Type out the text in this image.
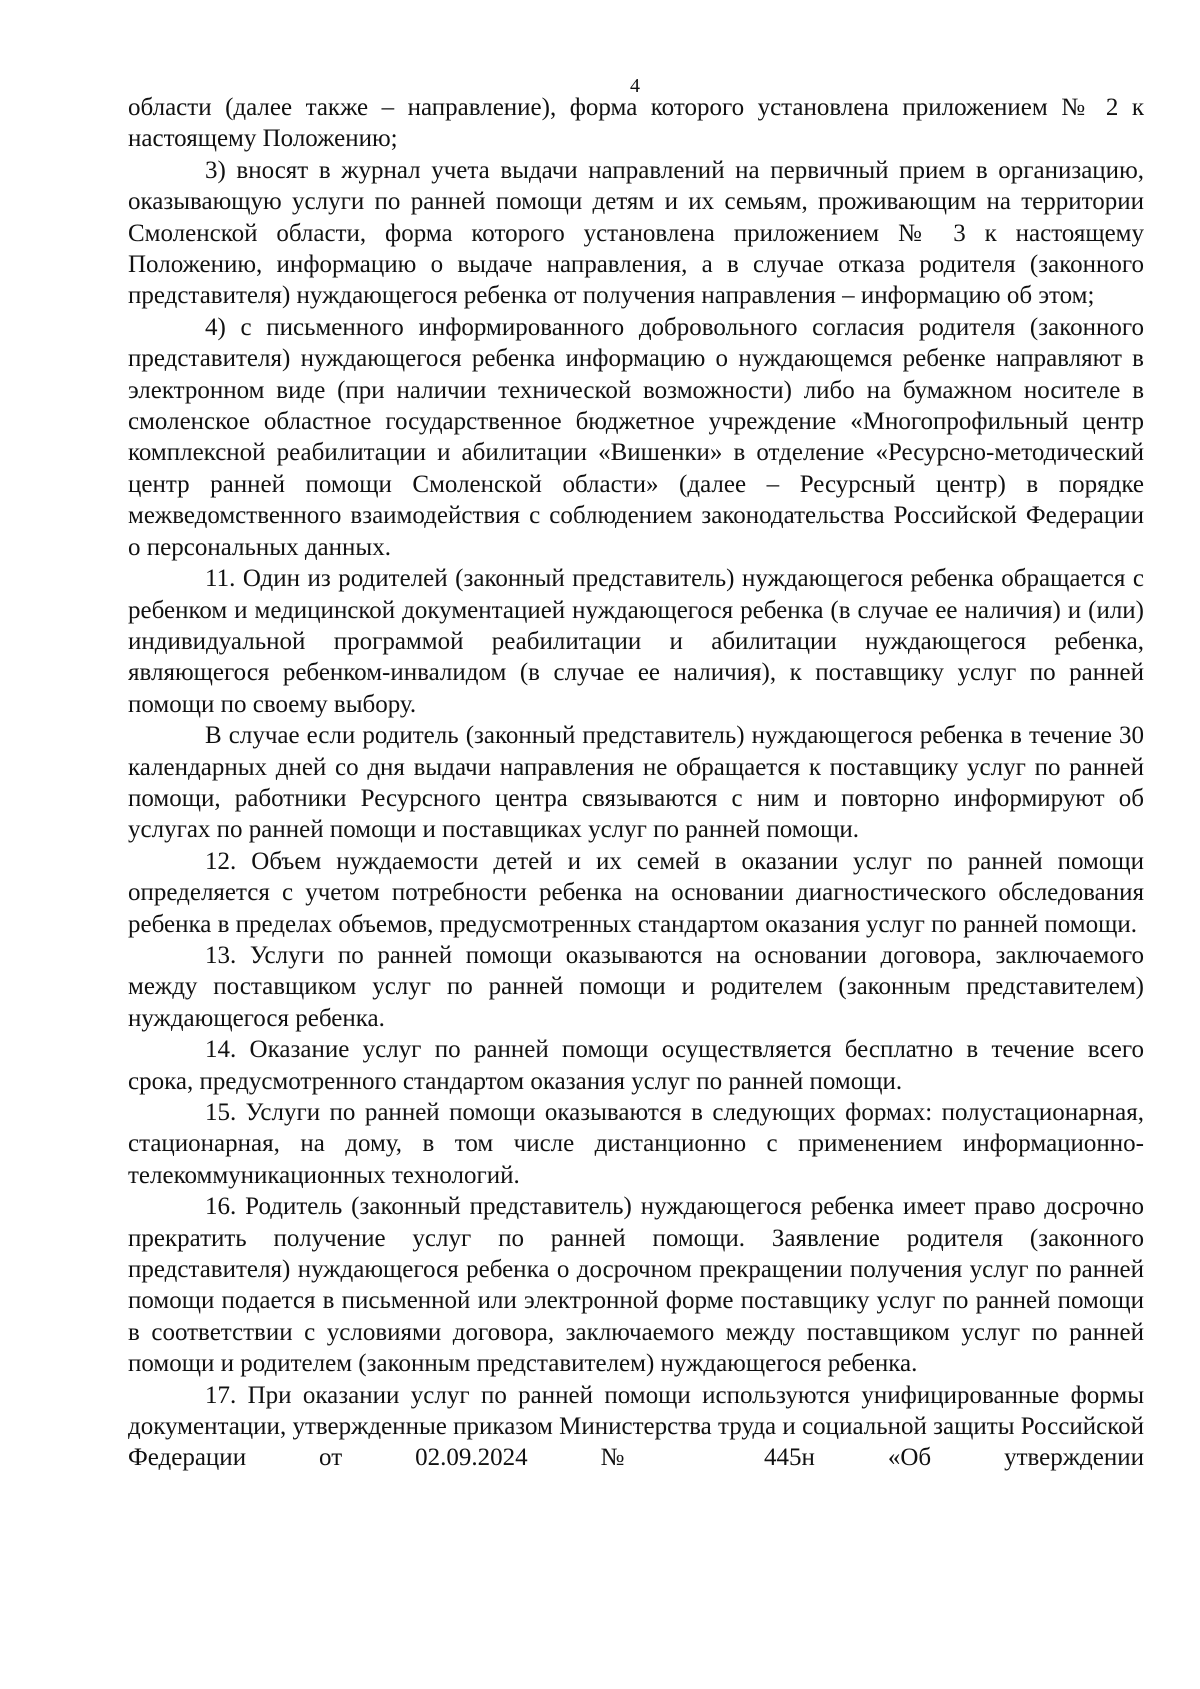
4

области (далее также – направление), форма которого установлена приложением № 2 к настоящему Положению;

3) вносят в журнал учета выдачи направлений на первичный прием в организацию, оказывающую услуги по ранней помощи детям и их семьям, проживающим на территории Смоленской области, форма которого установлена приложением № 3 к настоящему Положению, информацию о выдаче направления, а в случае отказа родителя (законного представителя) нуждающегося ребенка от получения направления – информацию об этом;

4) с письменного информированного добровольного согласия родителя (законного представителя) нуждающегося ребенка информацию о нуждающемся ребенке направляют в электронном виде (при наличии технической возможности) либо на бумажном носителе в смоленское областное государственное бюджетное учреждение «Многопрофильный центр комплексной реабилитации и абилитации «Вишенки» в отделение «Ресурсно-методический центр ранней помощи Смоленской области» (далее – Ресурсный центр) в порядке межведомственного взаимодействия с соблюдением законодательства Российской Федерации о персональных данных.

11. Один из родителей (законный представитель) нуждающегося ребенка обращается с ребенком и медицинской документацией нуждающегося ребенка (в случае ее наличия) и (или) индивидуальной программой реабилитации и абилитации нуждающегося ребенка, являющегося ребенком-инвалидом (в случае ее наличия), к поставщику услуг по ранней помощи по своему выбору.

В случае если родитель (законный представитель) нуждающегося ребенка в течение 30 календарных дней со дня выдачи направления не обращается к поставщику услуг по ранней помощи, работники Ресурсного центра связываются с ним и повторно информируют об услугах по ранней помощи и поставщиках услуг по ранней помощи.

12. Объем нуждаемости детей и их семей в оказании услуг по ранней помощи определяется с учетом потребности ребенка на основании диагностического обследования ребенка в пределах объемов, предусмотренных стандартом оказания услуг по ранней помощи.

13. Услуги по ранней помощи оказываются на основании договора, заключаемого между поставщиком услуг по ранней помощи и родителем (законным представителем) нуждающегося ребенка.

14. Оказание услуг по ранней помощи осуществляется бесплатно в течение всего срока, предусмотренного стандартом оказания услуг по ранней помощи.

15. Услуги по ранней помощи оказываются в следующих формах: полустационарная, стационарная, на дому, в том числе дистанционно с применением информационно-телекоммуникационных технологий.

16. Родитель (законный представитель) нуждающегося ребенка имеет право досрочно прекратить получение услуг по ранней помощи. Заявление родителя (законного представителя) нуждающегося ребенка о досрочном прекращении получения услуг по ранней помощи подается в письменной или электронной форме поставщику услуг по ранней помощи в соответствии с условиями договора, заключаемого между поставщиком услуг по ранней помощи и родителем (законным представителем) нуждающегося ребенка.

17. При оказании услуг по ранней помощи используются унифицированные формы документации, утвержденные приказом Министерства труда и социальной защиты Российской Федерации от 02.09.2024 № 445н «Об утверждении
